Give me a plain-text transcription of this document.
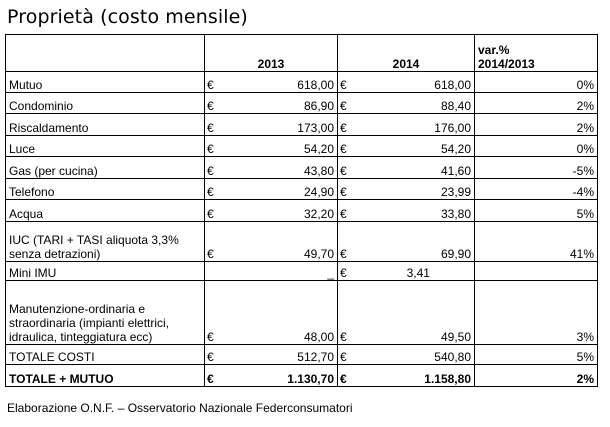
Proprietà (costo mensile)
	2013		2014		var.%
2014/2013
Mutuo	€	618,00	€	618,00	0%
Condominio	€	86,90	€	88,40	2%
Riscaldamento	€	173,00	€	176,00	2%
Luce	€	54,20	€	54,20	0%
Gas (per cucina)	€	43,80	€	41,60	-5%
Telefono	€	24,90	€	23,99	-4%
Acqua	€	32,20	€	33,80	5%
IUC (TARI + TASI aliquota 3,3% senza detrazioni)	€	49,70	€	69,90	41%
Mini IMU		_	€	3,41	
Manutenzione-ordinaria e straordinaria (impianti elettrici, idraulica, tinteggiatura ecc)	€	48,00	€	49,50	3%
TOTALE COSTI	€	512,70	€	540,80	5%
TOTALE + MUTUO	€	1.130,70	€	1.158,80	2%
Elaborazione O.N.F. – Osservatorio Nazionale Federconsumatori
